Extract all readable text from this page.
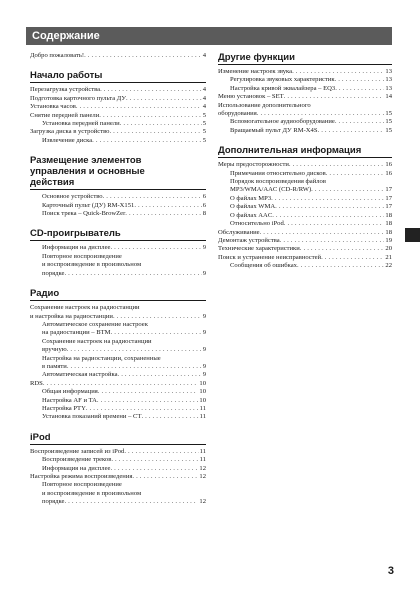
Содержание
Добро пожаловать! . . .	4
Начало работы
Перезагрузка устройства . . .	4
Подготовка карточного пульта ДУ . . .	4
Установка часов . . .	4
Снятие передней панели . . .	5
Установка передней панели . . .	5
Загрузка диска в устройство . . .	5
Извлечение диска . . .	5
Размещение элементов
управления и основные
действия
Основное устройство . . .	6
Карточный пульт (ДУ) RM-X151 . . .	6
Поиск трека – Quick-BrowZer . . .	8
CD-проигрыватель
Информация на дисплее . . .	9
Повторное воспроизведение
и воспроизведение в произвольном
порядке . . .	9
Радио
Сохранение настроек на радиостанции
и настройка на радиостанции . . .	9
Автоматическое сохранение настроек
на радиостанции – BTM . . .	9
Сохранение настроек на радиостанции
вручную . . .	9
Настройка на радиостанции, сохраненные
в памяти . . .	9
Автоматическая настройка . . .	9
RDS . . .	10
Общая информация . . .	10
Настройка AF и TA . . .	10
Настройка PTY . . .	11
Установка показаний времени – CT . . .	11
iPod
Воспроизведение записей из iPod . . .	11
Воспроизведение треков . . .	11
Информация на дисплее . . .	12
Настройка режима воспроизведения . . .	12
Повторное воспроизведение
и воспроизведение в произвольном
порядке . . .	12
Другие функции
Изменение настроек звука . . .	13
Регулировка звуковых характеристик . . .	13
Настройка кривой эквалайзера – EQ3 . . .	13
Меню установок – SET . . .	14
Использование дополнительного
оборудования . . .	15
Вспомогательное аудиооборудование . . .	15
Вращаемый пульт ДУ RM-X4S . . .	15
Дополнительная информация
Меры предосторожности . . .	16
Примечания относительно дисков . . .	16
Порядок воспроизведения файлов
MP3/WMA/AAC (CD-R/RW) . . .	17
О файлах MP3 . . .	17
О файлах WMA . . .	17
О файлах AAC . . .	18
Относительно iPod . . .	18
Обслуживание . . .	18
Демонтаж устройства . . .	19
Технические характеристики . . .	20
Поиск и устранение неисправностей . . .	21
Сообщения об ошибках . . .	22
3
